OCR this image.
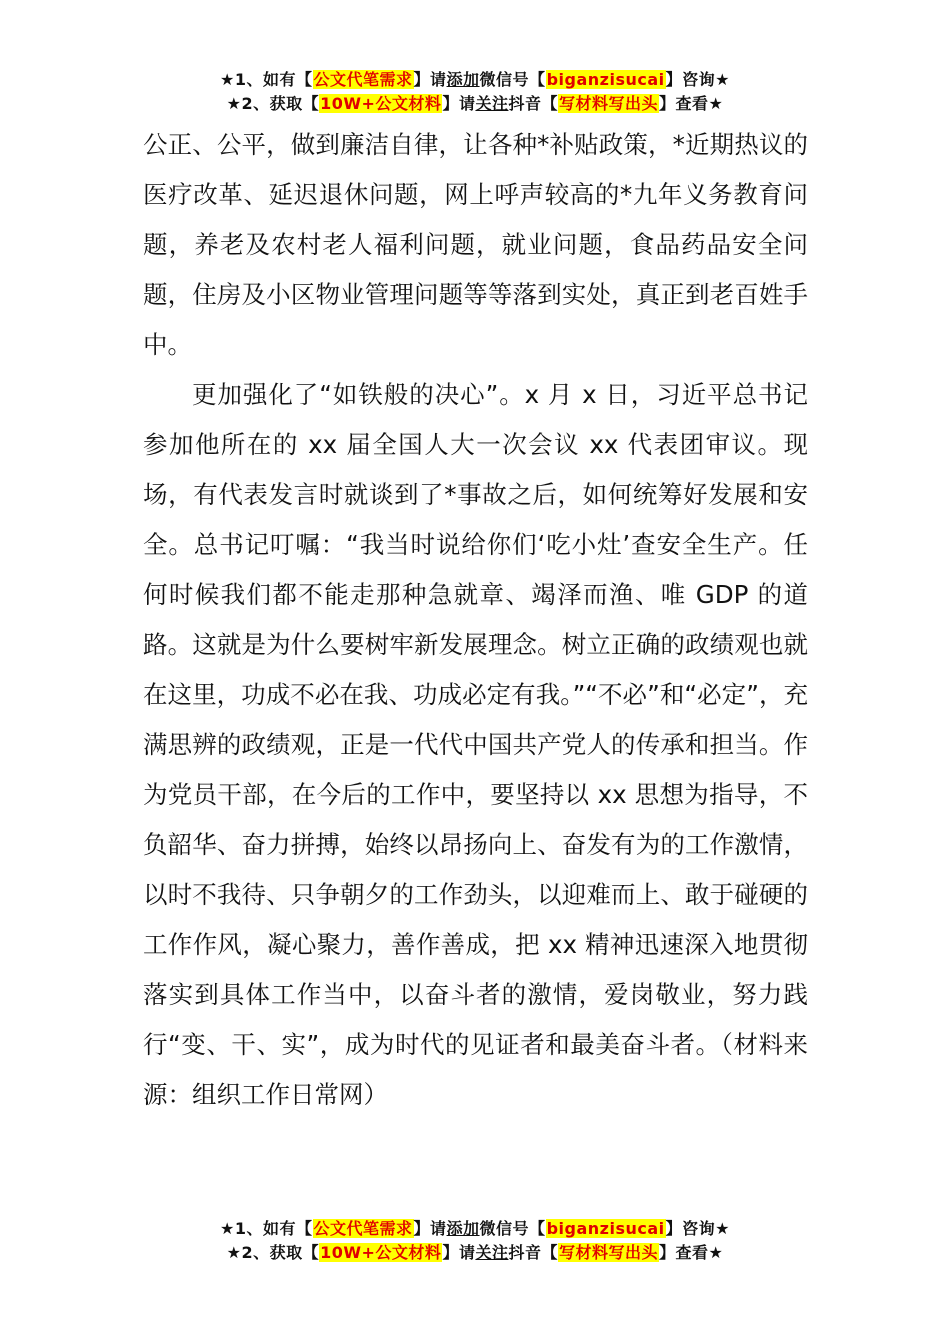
★1、如有【公文代笔需求】请添加微信号【biganzisucai】咨询★
★2、获取【10W+公文材料】请关注抖音【写材料写出头】查看★

公正、公平，做到廉洁自律，让各种*补贴政策，*近期热议的医疗改革、延迟退休问题，网上呼声较高的*九年义务教育问题，养老及农村老人福利问题，就业问题，食品药品安全问题，住房及小区物业管理问题等等落到实处，真正到老百姓手中。

更加强化了“如铁般的决心”。x 月 x 日，习近平总书记参加他所在的 xx 届全国人大一次会议 xx 代表团审议。现场，有代表发言时就谈到了*事故之后，如何统筹好发展和安全。总书记叮嘱：“我当时说给你们‘吃小灶’查安全生产。任何时候我们都不能走那种急就章、竭泽而渔、唯 GDP 的道路。这就是为什么要树牢新发展理念。树立正确的政绩观也就在这里，功成不必在我、功成必定有我。”“不必”和“必定”，充满思辨的政绩观，正是一代代中国共产党人的传承和担当。作为党员干部，在今后的工作中，要坚持以 xx 思想为指导，不负韶华、奋力拼搏，始终以昂扬向上、奋发有为的工作激情，以时不我待、只争朝夕的工作劲头，以迎难而上、敢于碰硬的工作作风，凝心聚力，善作善成，把 xx 精神迅速深入地贯彻落实到具体工作当中，以奋斗者的激情，爱岗敬业，努力践行“变、干、实”，成为时代的见证者和最美奋斗者。（材料来源：组织工作日常网）

★1、如有【公文代笔需求】请添加微信号【biganzisucai】咨询★
★2、获取【10W+公文材料】请关注抖音【写材料写出头】查看★
